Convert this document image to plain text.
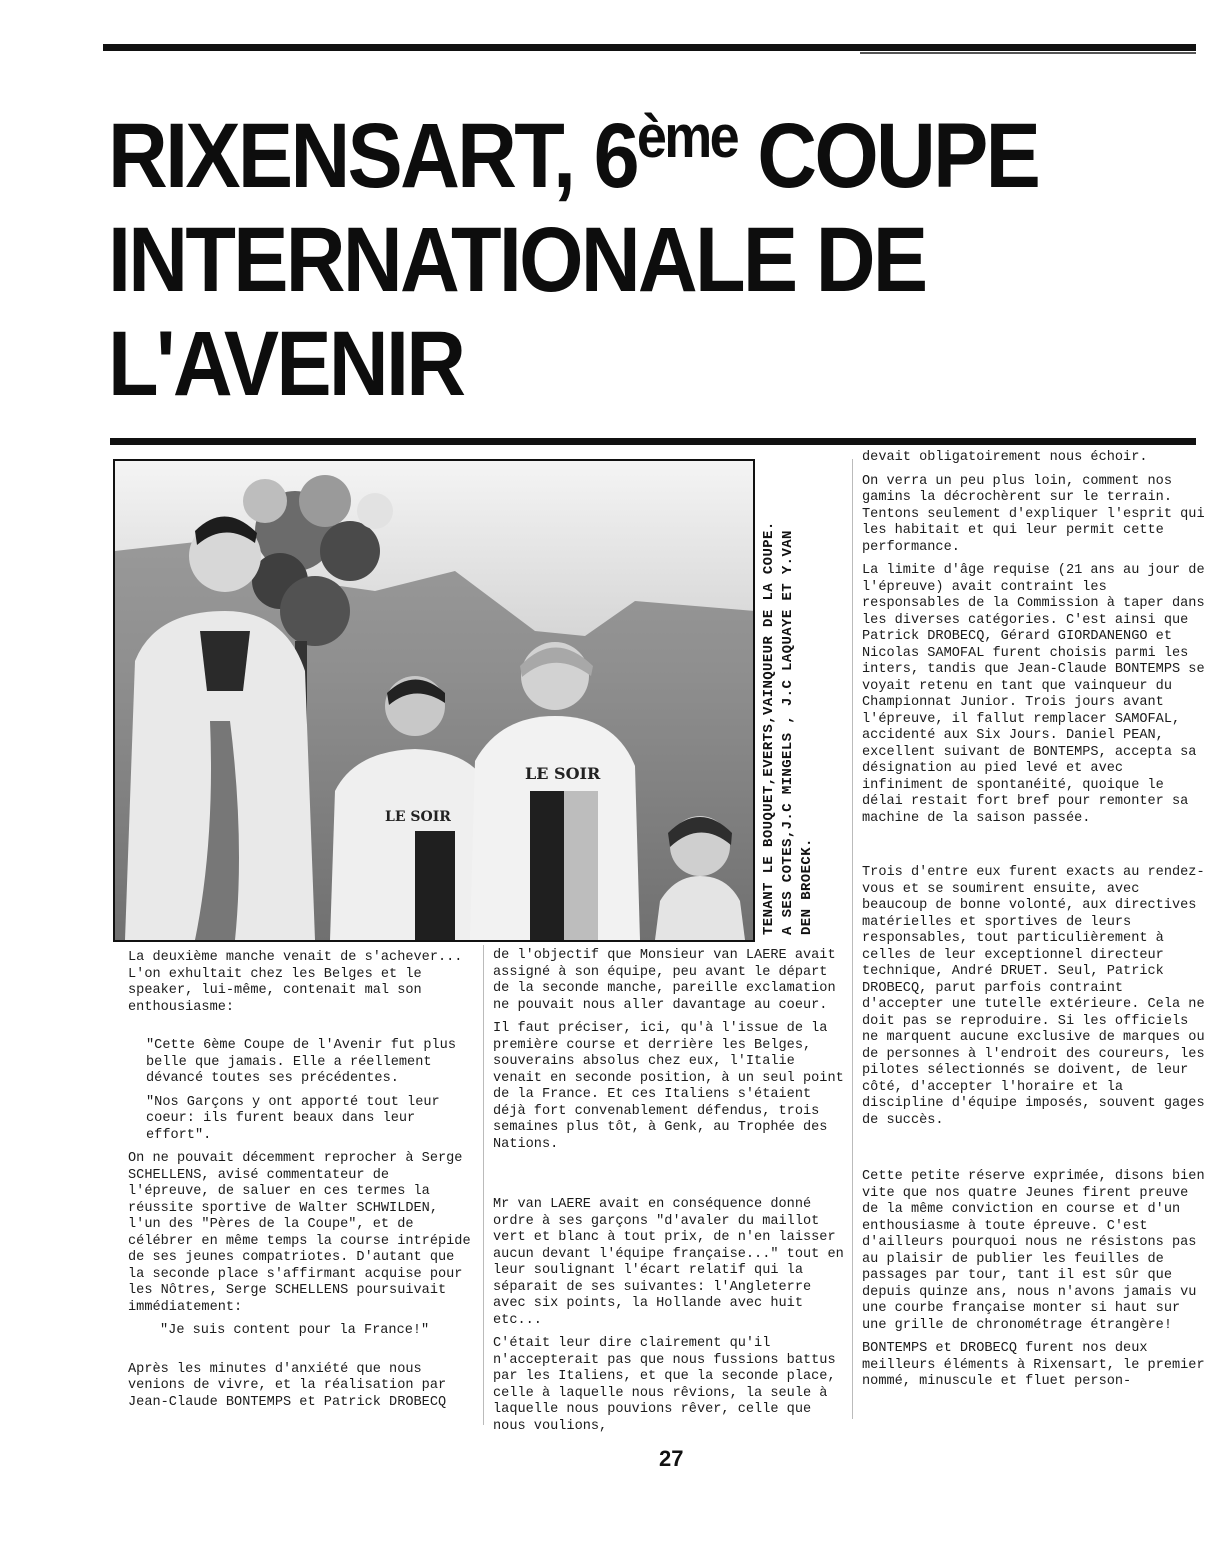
RIXENSART, 6ème COUPE
INTERNATIONALE DE
L'AVENIR
LE SOIR
LE SOIR
TENANT LE BOUQUET,EVERTS,VAINQUEUR DE LA COUPE.
A SES COTES,J.C MINGELS , J.C LAQUAYE ET Y.VAN
DEN BROECK.

La deuxième manche venait de s'achever... L'on exhultait chez les Belges et le speaker, lui-même, contenait mal son enthousiasme:

"Cette 6ème Coupe de l'Avenir fut plus belle que jamais. Elle a réellement dévancé toutes ses précédentes.

"Nos Garçons y ont apporté tout leur coeur: ils furent beaux dans leur effort".

On ne pouvait décemment reprocher à Serge SCHELLENS, avisé commentateur de l'épreuve, de saluer en ces termes la réussite sportive de Walter SCHWILDEN, l'un des "Pères de la Coupe", et de célébrer en même temps la course intrépide de ses jeunes compatriotes. D'autant que la seconde place s'affirmant acquise pour les Nôtres, Serge SCHELLENS poursuivait immédiatement:

"Je suis content pour la France!"

Après les minutes d'anxiété que nous venions de vivre, et la réalisation par Jean-Claude BONTEMPS et Patrick DROBECQ

de l'objectif que Monsieur van LAERE avait assigné à son équipe, peu avant le départ de la seconde manche, pareille exclamation ne pouvait nous aller davantage au coeur.

Il faut préciser, ici, qu'à l'issue de la première course et derrière les Belges, souverains absolus chez eux, l'Italie venait en seconde position, à un seul point de la France. Et ces Italiens s'étaient déjà fort convenablement défendus, trois semaines plus tôt, à Genk, au Trophée des Nations.

Mr van LAERE avait en conséquence donné ordre à ses garçons "d'avaler du maillot vert et blanc à tout prix, de n'en laisser aucun devant l'équipe française..." tout en leur soulignant l'écart relatif qui la séparait de ses suivantes: l'Angleterre avec six points, la Hollande avec huit etc...

C'était leur dire clairement qu'il n'accepterait pas que nous fussions battus par les Italiens, et que la seconde place, celle à laquelle nous rêvions, la seule à laquelle nous pouvions rêver, celle que nous voulions,

devait obligatoirement nous échoir.

On verra un peu plus loin, comment nos gamins la décrochèrent sur le terrain. Tentons seulement d'expliquer l'esprit qui les habitait et qui leur permit cette performance.

La limite d'âge requise (21 ans au jour de l'épreuve) avait contraint les responsables de la Commission à taper dans les diverses catégories. C'est ainsi que Patrick DROBECQ, Gérard GIORDANENGO et Nicolas SAMOFAL furent choisis parmi les inters, tandis que Jean-Claude BONTEMPS se voyait retenu en tant que vainqueur du Championnat Junior. Trois jours avant l'épreuve, il fallut remplacer SAMOFAL, accidenté aux Six Jours. Daniel PEAN, excellent suivant de BONTEMPS, accepta sa désignation au pied levé et avec infiniment de spontanéité, quoique le délai restait fort bref pour remonter sa machine de la saison passée.

Trois d'entre eux furent exacts au rendez-vous et se soumirent ensuite, avec beaucoup de bonne volonté, aux directives matérielles et sportives de leurs responsables, tout particulièrement à celles de leur exceptionnel directeur technique, André DRUET. Seul, Patrick DROBECQ, parut parfois contraint d'accepter une tutelle extérieure. Cela ne doit pas se reproduire. Si les officiels ne marquent aucune exclusive de marques ou de personnes à l'endroit des coureurs, les pilotes sélectionnés se doivent, de leur côté, d'accepter l'horaire et la discipline d'équipe imposés, souvent gages de succès.

Cette petite réserve exprimée, disons bien vite que nos quatre Jeunes firent preuve de la même conviction en course et d'un enthousiasme à toute épreuve. C'est d'ailleurs pourquoi nous ne résistons pas au plaisir de publier les feuilles de passages par tour, tant il est sûr que depuis quinze ans, nous n'avons jamais vu une courbe française monter si haut sur une grille de chronométrage étrangère!

BONTEMPS et DROBECQ furent nos deux meilleurs éléments à Rixensart, le premier nommé, minuscule et fluet person-

27
